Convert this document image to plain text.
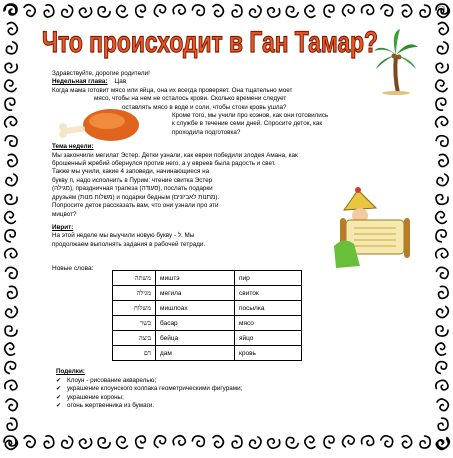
ב"ה
Что происходит в Ган Тамар?

Здравствуйте, дорогие родители!

Недельная глава: Цав

Когда мама готовит мясо или яйца, она их всегда проверяет. Она тщательно моет

мясо, чтобы на нем не осталось крови. Сколько времени следует

оставлять мясо в воде и соли, чтобы стоки кровь ушла?

Кроме того, мы учили про коэнов, как они готовились

к службе в течение семи дней. Спросите деток, как

проходила подготовка?

Тема недели:

Мы закончили мегилат Эстер. Детки узнали, как евреи победили злодея Амана, как

брошенный жребий обернулся против него, а у евреев была радость и свет.

Также мы учили, какие 4 заповеди, начинающиеся на

букву п, надо исполнить в Пурим: чтение свитка Эстер

(מגילה), праздничная трапеза (סעודה), послать подарки

друзьям (משלוח מנות) и подарки бедным (מתנות לאביונים).

Попросите деток рассказать вам, что они узнали про эти

мицвот?

Иврит:

На этой неделе мы выучили новую букву - ל. Мы

продолжаем выполнять задания в рабочей тетради.

Новые слова:
משתה	миштэ	пир
מגילה	мегила	свиток
משלוח	мишлоах	посылка
בשר	басар	мясо
ביצה	бейца	яйцо
דם	дам	кровь
Поделки:
✔ Клоун - рисование акварелью;
✔ украшение клоунского колпака геометрическими фигурами;
✔ украшение короны;
✔ огонь жертвенника из бумаги.
